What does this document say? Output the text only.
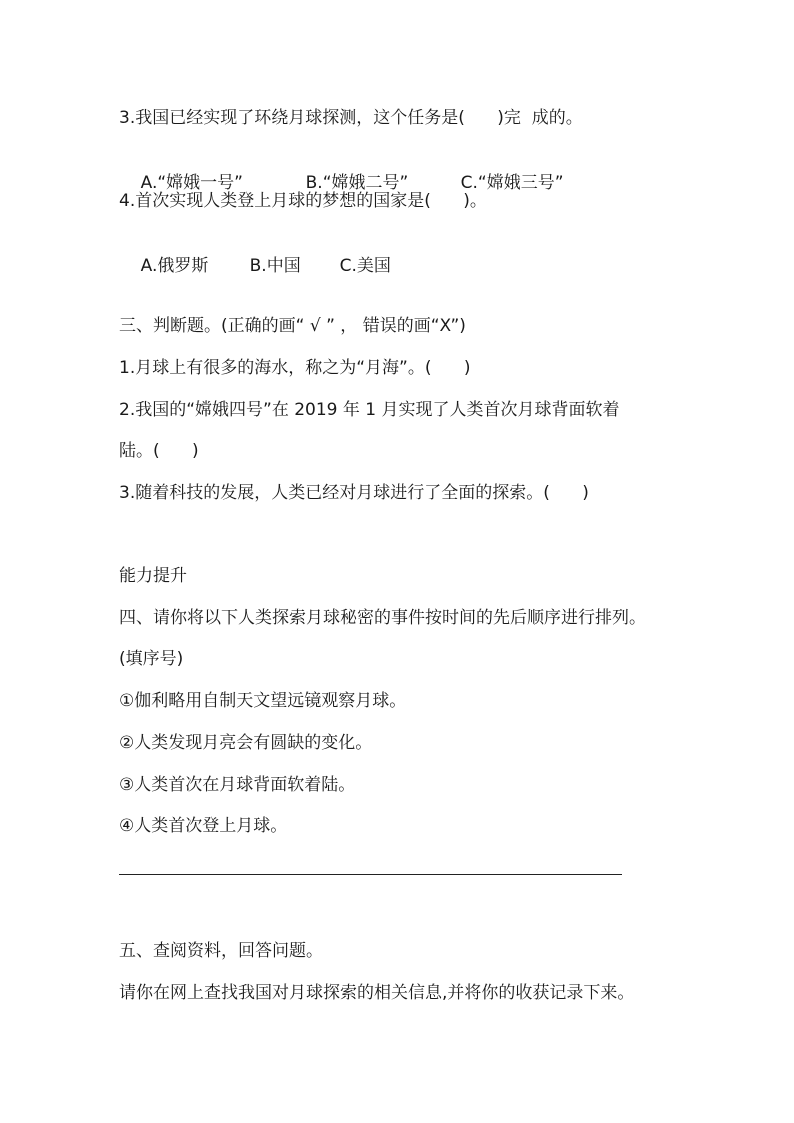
3.我国已经实现了环绕月球探测，这个任务是(      )完  成的。

A.“嫦娥一号”	B.“嫦娥二号”	C.“嫦娥三号”

4.首次实现人类登上月球的梦想的国家是(      )。

A.俄罗斯 B.中国 C.美国

三、判断题。(正确的画“ √ ” ， 错误的画“X”)
1.月球上有很多的海水，称之为“月海”。(      )
2.我国的“嫦娥四号”在 2019 年 1 月实现了人类首次月球背面软着
陆。(      )
3.随着科技的发展，人类已经对月球进行了全面的探索。(      )
能力提升
四、请你将以下人类探索月球秘密的事件按时间的先后顺序进行排列。
(填序号)
①伽利略用自制天文望远镜观察月球。
②人类发现月亮会有圆缺的变化。
③人类首次在月球背面软着陆。
④人类首次登上月球。
五、查阅资料，回答问题。
请你在网上查找我国对月球探索的相关信息,并将你的收获记录下来。
